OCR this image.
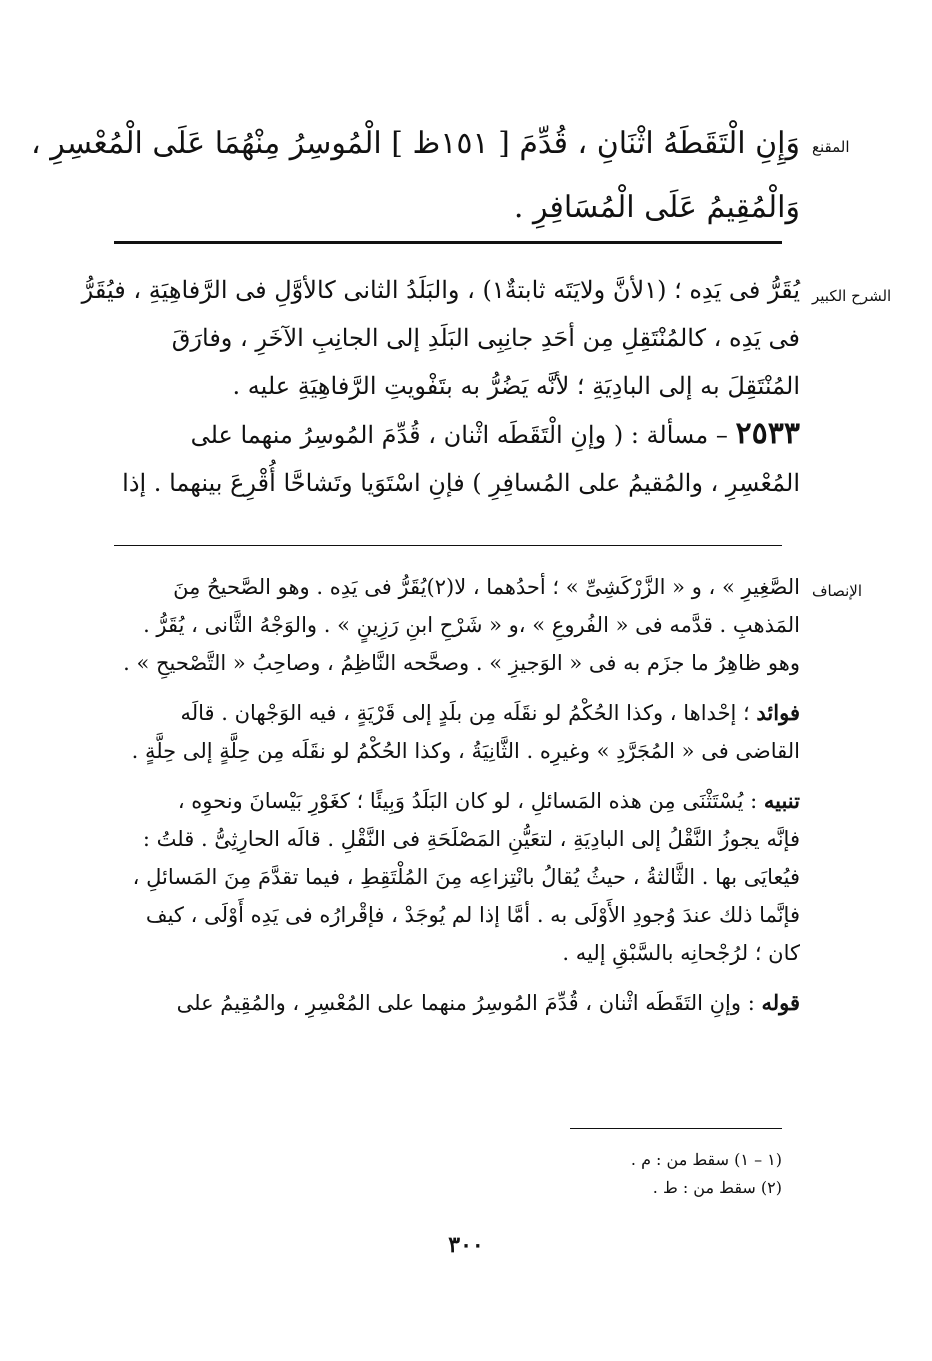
المقنع
وَإِنِ الْتَقَطَهُ اثْنَانِ ، قُدِّمَ [ ١٥١ظ ] الْمُوسِرُ مِنْهُمَا عَلَى الْمُعْسِرِ ،
وَالْمُقِيمُ عَلَى الْمُسَافِرِ .
الشرح الكبير
يُقَرُّ فى يَدِه ؛ (١لأنَّ ولايَتَه ثابتةٌ١) ، والبَلَدُ الثانى كالأوَّلِ فى الرَّفاهِيَةِ ، فيُقَرُّ
فى يَدِه ، كالمُنْتَقِلِ مِن أحَدِ جانِبِى البَلَدِ إلى الجانِبِ الآخَرِ ، وفارَقَ
المُنْتَقِلَ به إلى البادِيَةِ ؛ لأنَّه يَضُرُّ به بتَفْويتِ الرَّفاهِيَةِ عليه .
٢٥٣٣ – مسألة : ( وإنِ الْتَقَطَه اثْنان ، قُدِّمَ المُوسِرُ منهما على
المُعْسِرِ ، والمُقيمُ على المُسافِرِ ) فإنِ اسْتَوَيا وتَشاحَّا أُقْرِعَ بينهما . إذا
الإنصاف
الصَّغِيرِ » ، و « الزَّرْكَشِىِّ » ؛ أحدُهما ، لا(٢)يُقَرُّ فى يَدِه . وهو الصَّحيحُ مِنَ
المَذهبِ . قدَّمه فى « الفُروعِ » ،و « شَرْحِ ابنِ رَزِينٍ » . والوَجْهُ الثَّانى ، يُقَرُّ .
وهو ظاهِرُ ما جزَم به فى « الوَجيزِ » . وصحَّحه النَّاظِمُ ، وصاحِبُ « التَّصْحيحِ » .
فوائد ؛ إحْداها ، وكذا الحُكْمُ لو نقَلَه مِن بلَدٍ إلى قَرْيَةٍ ، فيه الوَجْهان . قالَه
القاضى فى « المُجَرَّدِ » وغيرِه . الثَّانِيَةُ ، وكذا الحُكْمُ لو نقَلَه مِن حِلَّةٍ إلى حِلَّةٍ .
تنبيه : يُسْتَثْنَى مِن هذه المَسائلِ ، لو كان البَلَدُ وَبِيئًا ؛ كغَوْرِ بَيْسانَ ونحوِه ،
فإنَّه يجوزُ النَّقْلُ إلى البادِيَةِ ، لتعَيُّنِ المَصْلَحَةِ فى النَّقْلِ . قالَه الحارِثِىُّ . قلتُ :
فيُعايَى بها . الثَّالثةُ ، حيثُ يُقالُ بانْتِزاعِه مِنَ المُلْتَقِطِ ، فيما تقدَّمَ مِنَ المَسائلِ ،
فإنَّما ذلك عندَ وُجودِ الأَوْلَى به . أمَّا إذا لم يُوجَدْ ، فإقْرارُه فى يَدِه أَوْلَى ، كيف
كان ؛ لرُجْحانِه بالسَّبْقِ إليه .
قوله : وإنِ التَقَطَه اثْنان ، قُدِّمَ المُوسِرُ منهما على المُعْسِرِ ، والمُقِيمُ على
(١ – ١) سقط من : م .
(٢) سقط من : ط .
٣٠٠
